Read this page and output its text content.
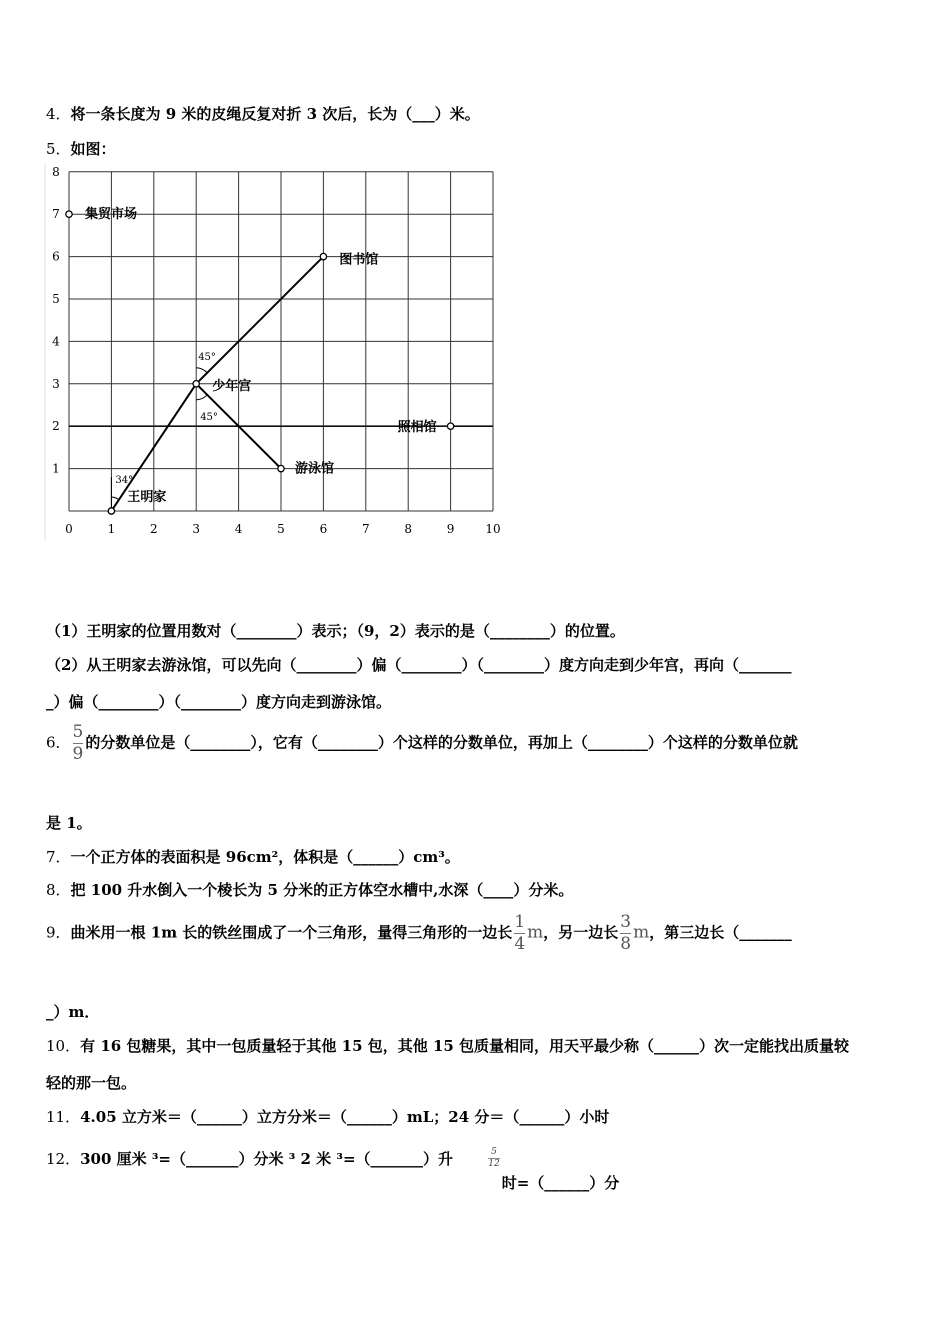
4．将一条长度为 9 米的皮绳反复对折 3 次后，长为（___）米。
5．如图：
0	1	2	3	4	5	6	7	8	9	10
1
2
3
4
5
6
7
8
34°
45°
45°
集贸市场
图书馆
少年宫
照相馆
游泳馆
王明家
（1）王明家的位置用数对（________）表示；（9，2）表示的是（________）的位置。
（2）从王明家去游泳馆，可以先向（________）偏（________）（________）度方向走到少年宫，再向（_______
_）偏（________）（________）度方向走到游泳馆。
6． $\frac{5}{9}$ 的分数单位是（________），它有（________）个这样的分数单位，再加上（________）个这样的分数单位就
是 1。
7．一个正方体的表面积是 96cm²，体积是（______）cm³。
8．把 100 升水倒入一个棱长为 5 分米的正方体空水槽中,水深（____）分米。
9．曲米用一根 1m 长的铁丝围成了一个三角形，量得三角形的一边长 $\frac{1}{4}$ m，另一边长 $\frac{3}{8}$ m，第三边长（_______
_）m．
10．有 16 包糖果，其中一包质量轻于其他 15 包，其他 15 包质量相同，用天平最少称（______）次一定能找出质量较
轻的那一包。
11．4.05 立方米＝（______）立方分米＝（______）mL；24 分＝（______）小时
12．300 厘米 ³=（_______）分米 ³ 2 米 ³=（_______）升	$\frac{5}{12}$
时=（______）分
